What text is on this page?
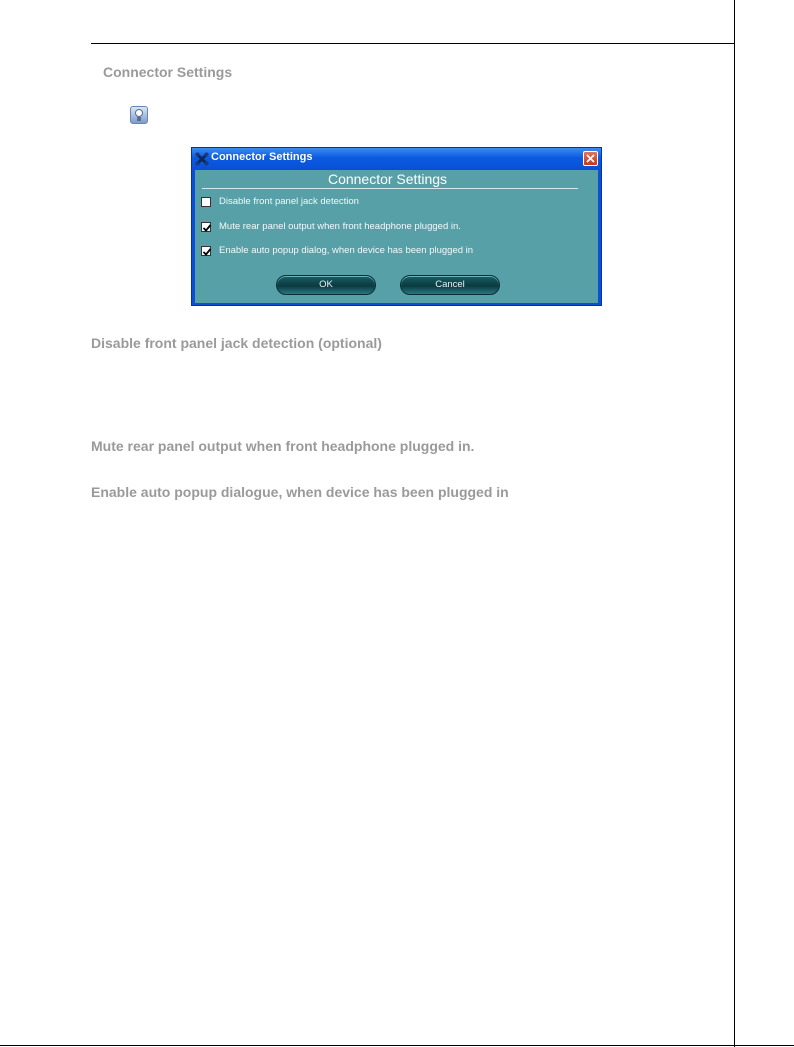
Connector Settings
Connector Settings
Connector Settings
Disable front panel jack detection
Mute rear panel output when front headphone plugged in.
Enable auto popup dialog, when device has been plugged in
OK	Cancel
Disable front panel jack detection (optional)
Mute rear panel output when front headphone plugged in.
Enable auto popup dialogue, when device has been plugged in
